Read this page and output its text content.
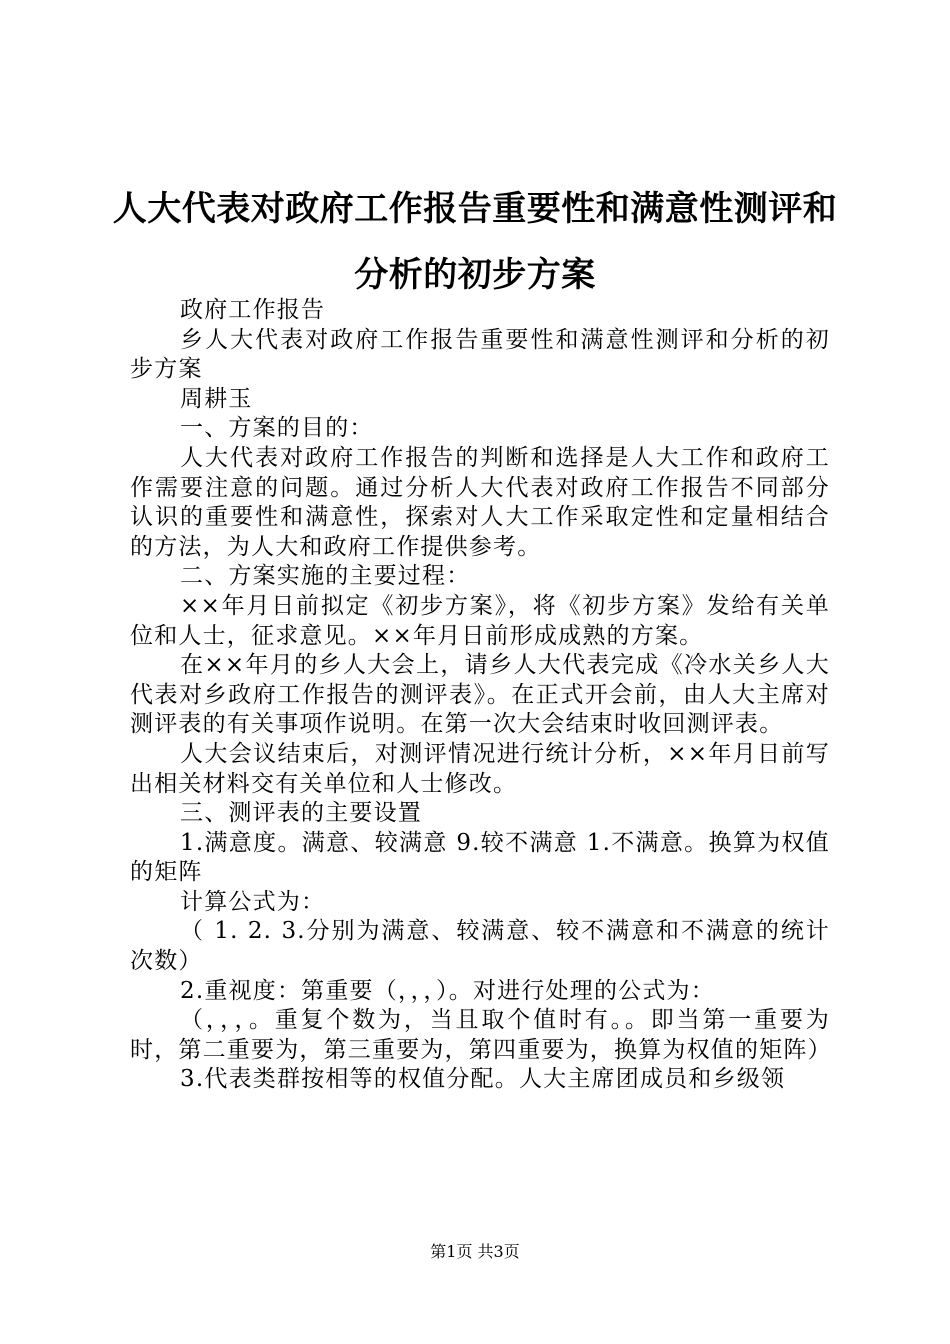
人大代表对政府工作报告重要性和满意性测评和分析的初步方案

政府工作报告

乡人大代表对政府工作报告重要性和满意性测评和分析的初步方案

周耕玉

一、方案的目的：

人大代表对政府工作报告的判断和选择是人大工作和政府工作需要注意的问题。通过分析人大代表对政府工作报告不同部分认识的重要性和满意性，探索对人大工作采取定性和定量相结合的方法，为人大和政府工作提供参考。

二、方案实施的主要过程：

××年月日前拟定《初步方案》，将《初步方案》发给有关单位和人士，征求意见。××年月日前形成成熟的方案。

在××年月的乡人大会上，请乡人大代表完成《冷水关乡人大代表对乡政府工作报告的测评表》。在正式开会前，由人大主席对测评表的有关事项作说明。在第一次大会结束时收回测评表。

人大会议结束后，对测评情况进行统计分析，××年月日前写出相关材料交有关单位和人士修改。

三、测评表的主要设置

1.满意度。满意、较满意 9.较不满意 1.不满意。换算为权值的矩阵

计算公式为：

（ 1. 2. 3.分别为满意、较满意、较不满意和不满意的统计次数）

2.重视度：第重要（，，，）。对进行处理的公式为：

（，，，。重复个数为，当且取个值时有。。即当第一重要为时，第二重要为，第三重要为，第四重要为，换算为权值的矩阵）

3.代表类群按相等的权值分配。人大主席团成员和乡级领

第1页 共3页
